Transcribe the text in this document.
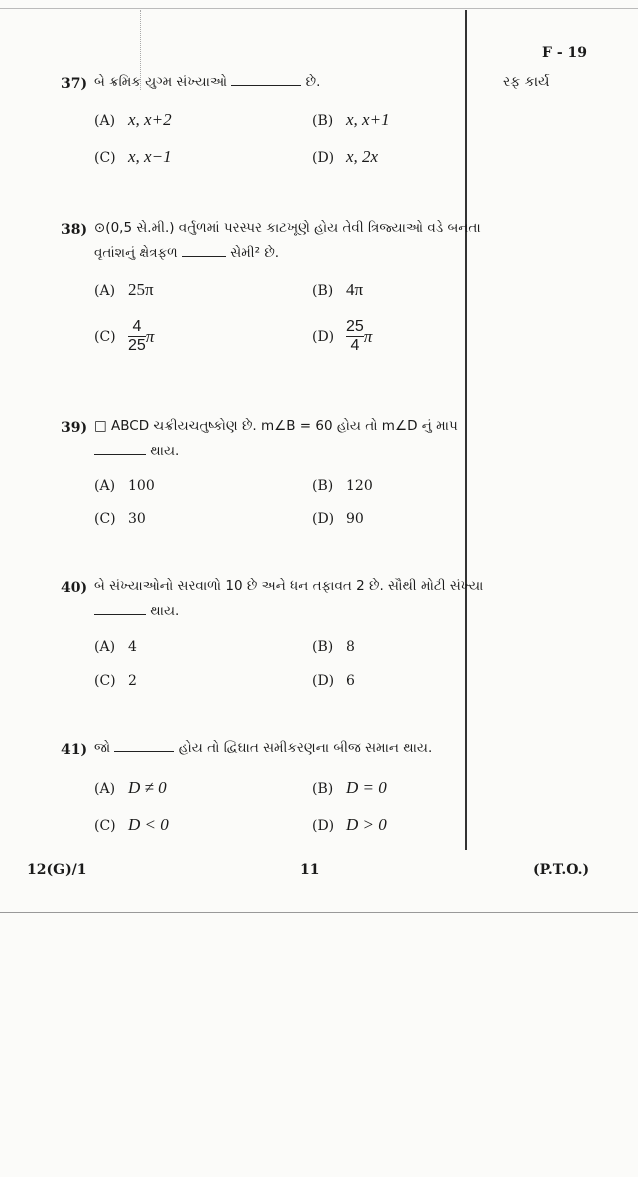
F - 19
રફ કાર્ય
37) બે ક્રમિક યુગ્મ સંખ્યાઓ	છે.
(A) x, x+2	(B) x, x+1
(C) x, x−1	(D) x, 2x
38) ⊙(0,5 સે.મી.) વર્તુળમાં પરસ્પર કાટખૂણે હોય તેવી ત્રિજ્યાઓ વડે બનતા
વૃતાંશનું ક્ષેત્રફળ	સેમી² છે.
(A) 25π	(B) 4π
$(C) \frac{4}{25}$ π	$(D) \frac{25}{4}$ π
39) □ ABCD ચક્રીયચતુષ્કોણ છે. m∠B = 60 હોય તો m∠D નું માપ
થાય.
(A) 100	(B) 120
(C) 30	(D) 90
40) બે સંખ્યાઓનો સરવાળો 10 છે અને ધન તફાવત 2 છે. સૌથી મોટી સંખ્યા
થાય.
(A) 4	(B) 8
(C) 2	(D) 6
41) જો	હોય તો દ્વિઘાત સમીકરણના બીજ સમાન થાય.
(A) D ≠ 0	(B) D = 0
(C) D < 0	(D) D > 0
12(G)/1	11	(P.T.O.)
